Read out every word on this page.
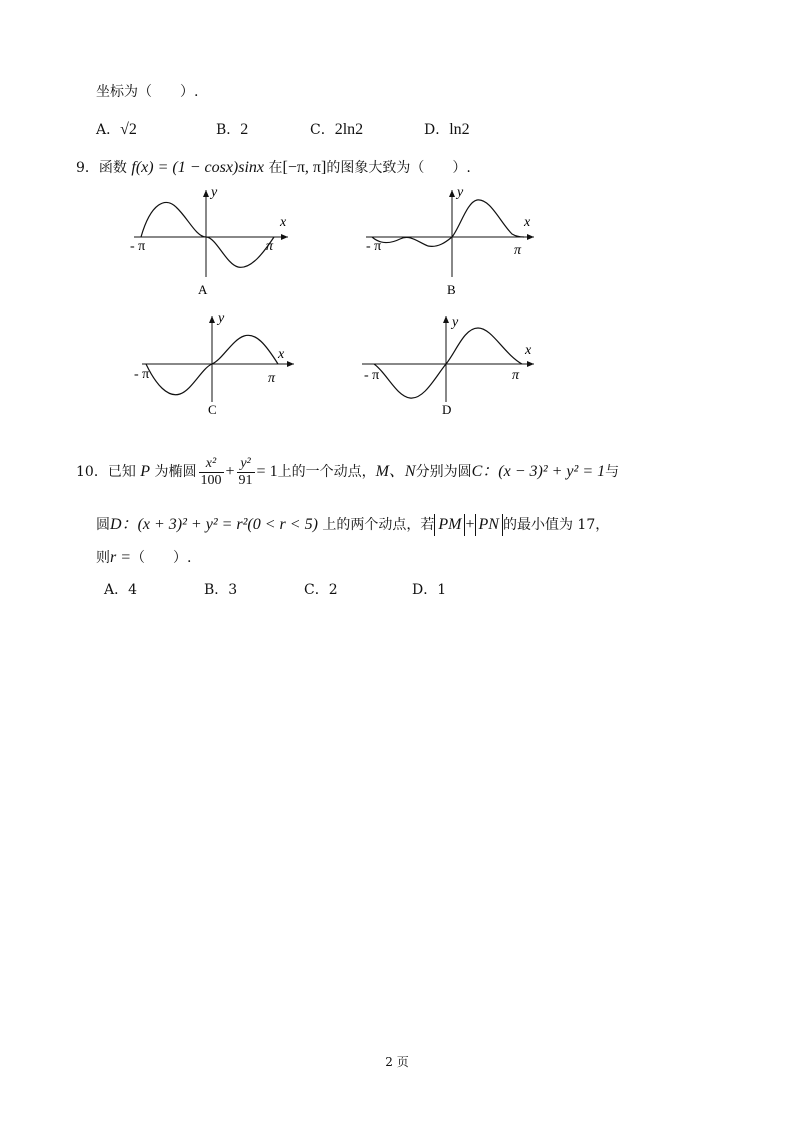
坐标为（　　）.
A．√2	B．2	C．2ln2	D．ln2
9．函数 f(x) = (1 − cosx)sinx 在[−π, π]的图象大致为（　　）.
y
x
- π	π
A
y
x
- π	π
B
y
x
- π	π
C
y
x
- π	π
D
10．已知 P 为椭圆 $\frac{\text{x²}}{100} + \frac{\text{y²}}{91} = 1$上的一个动点，M、N分别为圆C：(x − 3)² + y² = 1与
圆D：(x + 3)² + y² = r²(0 < r < 5) 上的两个动点，若 PM + PN 的最小值为 17，
则r =（　　）.
A．4	B．3	C．2	D．1
2 页
